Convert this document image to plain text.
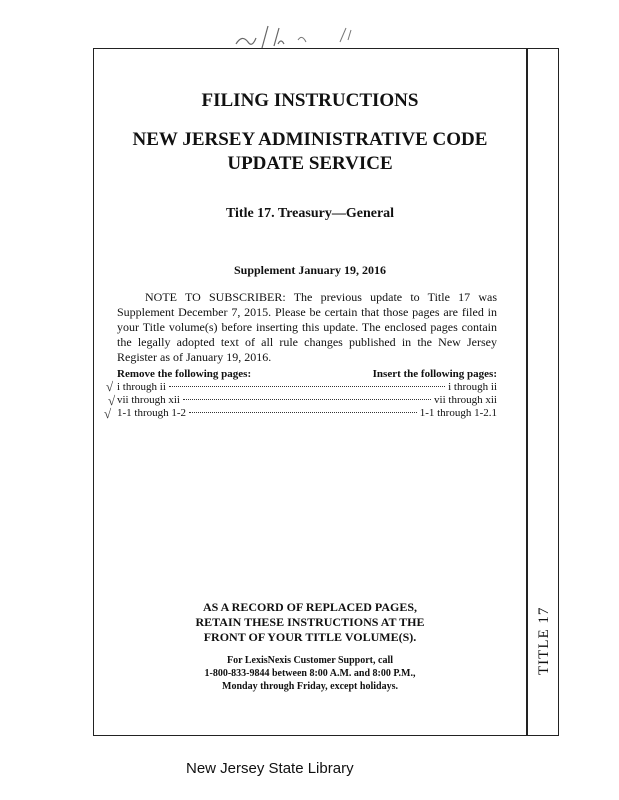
TITLE 17
FILING INSTRUCTIONS
NEW JERSEY ADMINISTRATIVE CODE
UPDATE SERVICE
Title 17. Treasury—General
Supplement January 19, 2016
NOTE TO SUBSCRIBER: The previous update to Title 17 was Supplement December 7, 2015. Please be certain that those pages are filed in your Title volume(s) before inserting this update. The enclosed pages contain the legally adopted text of all rule changes published in the New Jersey Register as of January 19, 2016.
Remove the following pages:	Insert the following pages:
i through ii	i through ii
vii through xii	vii through xii
1-1 through 1-2	1-1 through 1-2.1
√
√
√
AS A RECORD OF REPLACED PAGES,
RETAIN THESE INSTRUCTIONS AT THE
FRONT OF YOUR TITLE VOLUME(S).
For LexisNexis Customer Support, call
1-800-833-9844 between 8:00 A.M. and 8:00 P.M.,
Monday through Friday, except holidays.
New Jersey State Library
